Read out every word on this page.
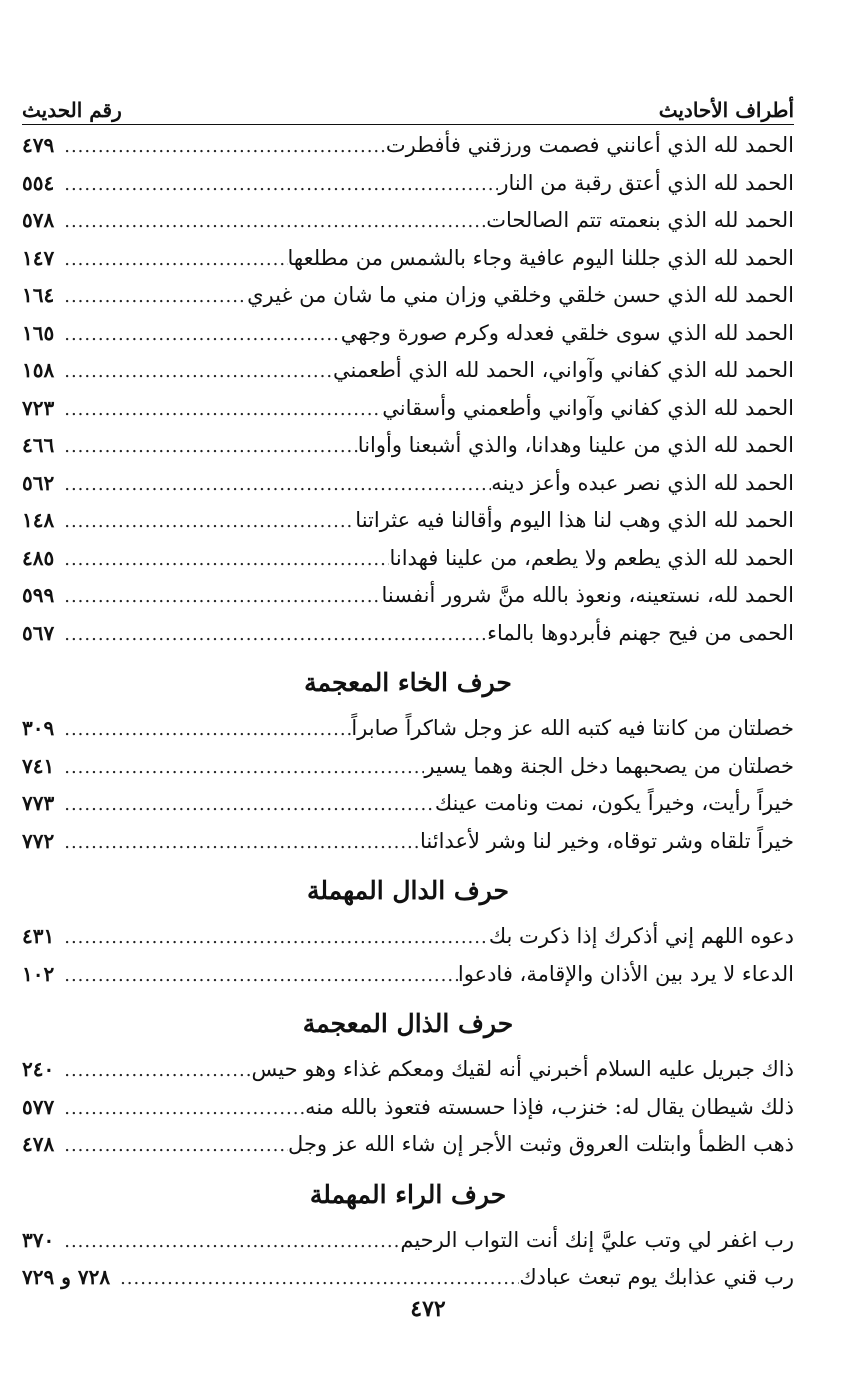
أطراف الأحاديث
رقم الحديث
الحمد لله الذي أعانني فصمت ورزقني فأفطرت
.....
٤٧٩
الحمد لله الذي أعتق رقبة من النار
.....
٥٥٤
الحمد لله الذي بنعمته تتم الصالحات
.....
٥٧٨
الحمد لله الذي جللنا اليوم عافية وجاء بالشمس من مطلعها
.....
١٤٧
الحمد لله الذي حسن خلقي وخلقي وزان مني ما شان من غيري
.....
١٦٤
الحمد لله الذي سوى خلقي فعدله وكرم صورة وجهي
.....
١٦٥
الحمد لله الذي كفاني وآواني، الحمد لله الذي أطعمني
.....
١٥٨
الحمد لله الذي كفاني وآواني وأطعمني وأسقاني
.....
٧٢٣
الحمد لله الذي من علينا وهدانا، والذي أشبعنا وأوانا
.....
٤٦٦
الحمد لله الذي نصر عبده وأعز دينه
.....
٥٦٢
الحمد لله الذي وهب لنا هذا اليوم وأقالنا فيه عثراتنا
.....
١٤٨
الحمد لله الذي يطعم ولا يطعم، من علينا فهدانا
.....
٤٨٥
الحمد لله، نستعينه، ونعوذ بالله منَّ شرور أنفسنا
.....
٥٩٩
الحمى من فيح جهنم فأبردوها بالماء
.....
٥٦٧
حرف الخاء المعجمة
خصلتان من كانتا فيه كتبه الله عز وجل شاكراً صابراً
.....
٣٠٩
خصلتان من يصحبهما دخل الجنة وهما يسير
.....
٧٤١
خيراً رأيت، وخيراً يكون، نمت ونامت عينك
.....
٧٧٣
خيراً تلقاه وشر توقاه، وخير لنا وشر لأعدائنا
.....
٧٧٢
حرف الدال المهملة
دعوه اللهم إني أذكرك إذا ذكرت بك
.....
٤٣١
الدعاء لا يرد بين الأذان والإقامة، فادعوا
.....
١٠٢
حرف الذال المعجمة
ذاك جبريل عليه السلام أخبرني أنه لقيك ومعكم غذاء وهو حيس
.....
٢٤٠
ذلك شيطان يقال له: خنزب، فإذا حسسته فتعوذ بالله منه
.....
٥٧٧
ذهب الظمأ وابتلت العروق وثبت الأجر إن شاء الله عز وجل
.....
٤٧٨
حرف الراء المهملة
رب اغفر لي وتب عليَّ إنك أنت التواب الرحيم
.....
٣٧٠
رب قني عذابك يوم تبعث عبادك
.....
٧٢٨ و ٧٢٩
٤٧٢
